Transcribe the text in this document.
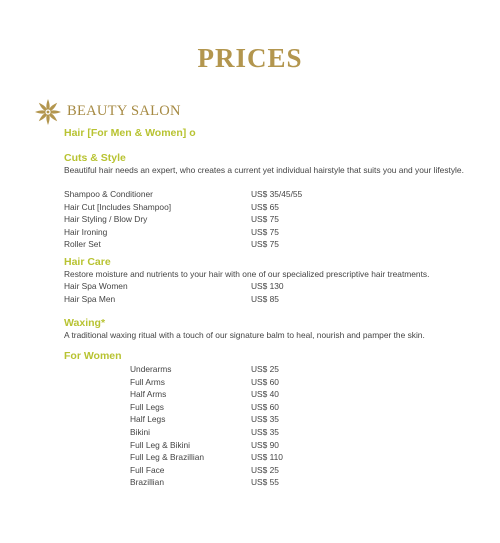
PRICES
BEAUTY SALON
Hair [For Men & Women] o
Cuts & Style
Beautiful hair needs an expert, who creates a current yet individual hairstyle that suits you and your lifestyle.
Shampoo & Conditioner	US$ 35/45/55
Hair Cut [Includes Shampoo]	US$ 65
Hair Styling / Blow Dry	US$ 75
Hair Ironing	US$ 75
Roller Set	US$ 75
Hair Care
Restore moisture and nutrients to your hair with one of our specialized prescriptive hair treatments.
Hair Spa Women	US$ 130
Hair Spa Men	US$ 85
Waxing*
A traditional waxing ritual with a touch of our signature balm to heal, nourish and pamper the skin.
For Women
Underarms	US$ 25
Full Arms	US$ 60
Half Arms	US$ 40
Full Legs	US$ 60
Half Legs	US$ 35
Bikini	US$ 35
Full Leg & Bikini	US$ 90
Full Leg & Brazillian	US$ 110
Full Face	US$ 25
Brazillian	US$ 55
